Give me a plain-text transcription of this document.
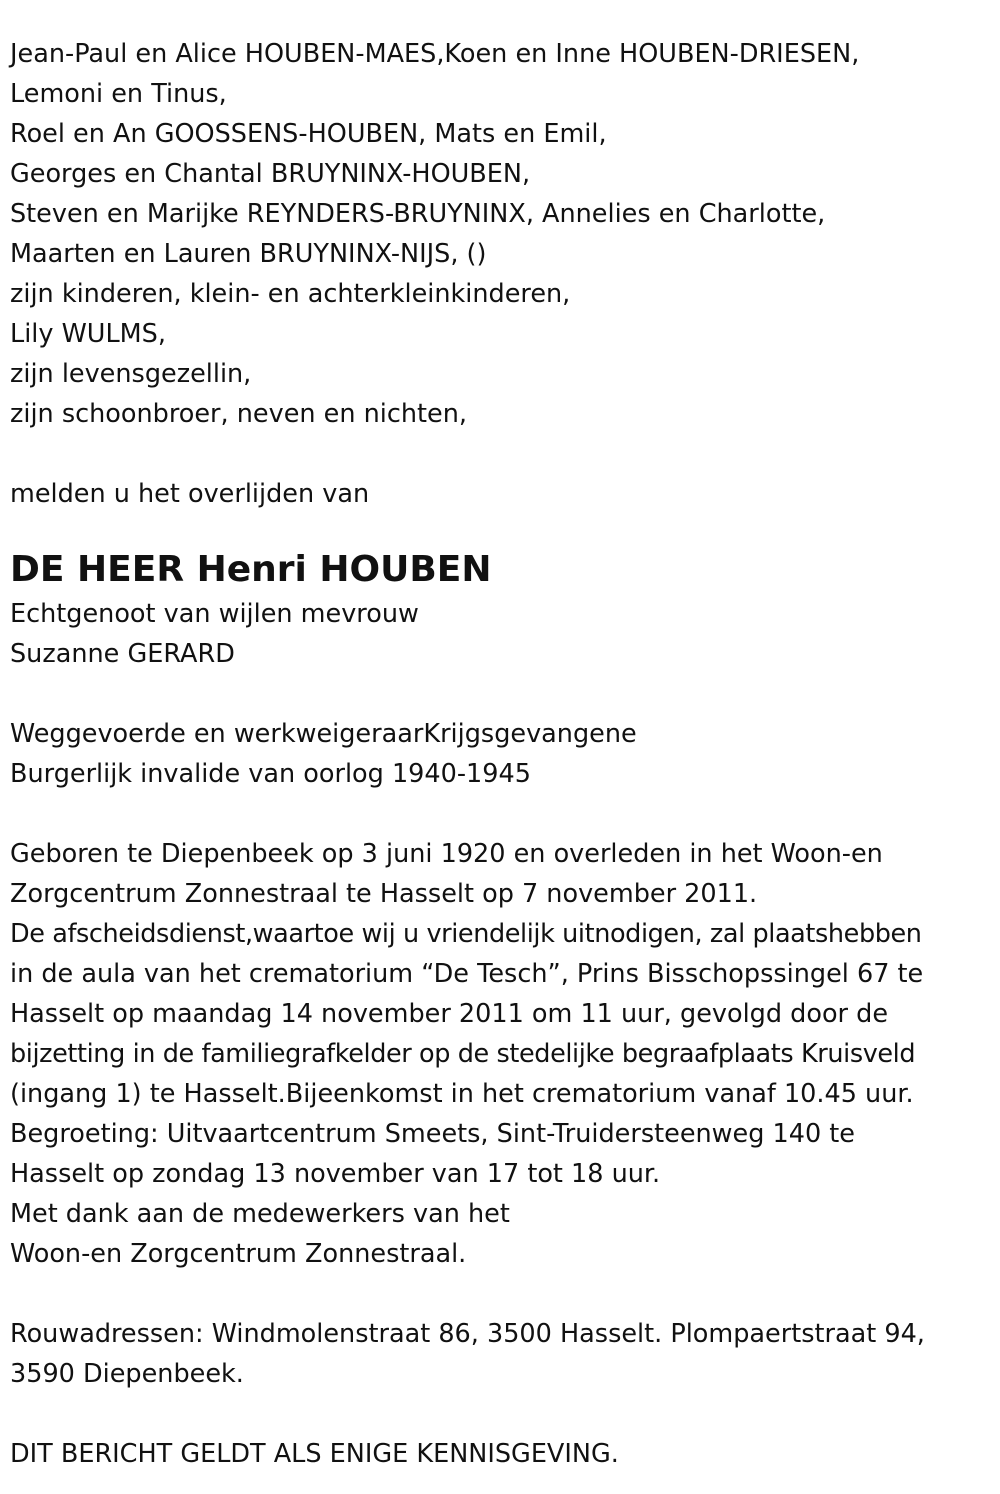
Jean-Paul en Alice HOUBEN-MAES,Koen en Inne HOUBEN-DRIESEN,
Lemoni en Tinus,
Roel en An GOOSSENS-HOUBEN, Mats en Emil,
Georges en Chantal BRUYNINX-HOUBEN,
Steven en Marijke REYNDERS-BRUYNINX, Annelies en Charlotte,
Maarten en Lauren BRUYNINX-NIJS, ()
zijn kinderen, klein- en achterkleinkinderen,
Lily WULMS,
zijn levensgezellin,
zijn schoonbroer, neven en nichten,
melden u het overlijden van
DE HEER Henri HOUBEN
Echtgenoot van wijlen mevrouw
Suzanne GERARD
Weggevoerde en werkweigeraarKrijgsgevangene
Burgerlijk invalide van oorlog 1940-1945
Geboren te Diepenbeek op 3 juni 1920 en overleden in het Woon-en
Zorgcentrum Zonnestraal te Hasselt op 7 november 2011.
De afscheidsdienst,waartoe wij u vriendelijk uitnodigen, zal plaatshebben
in de aula van het crematorium “De Tesch”, Prins Bisschopssingel 67 te
Hasselt op maandag 14 november 2011 om 11 uur, gevolgd door de
bijzetting in de familiegrafkelder op de stedelijke begraafplaats Kruisveld
(ingang 1) te Hasselt.Bijeenkomst in het crematorium vanaf 10.45 uur.
Begroeting: Uitvaartcentrum Smeets, Sint-Truidersteenweg 140 te
Hasselt op zondag 13 november van 17 tot 18 uur.
Met dank aan de medewerkers van het
Woon-en Zorgcentrum Zonnestraal.
Rouwadressen: Windmolenstraat 86, 3500 Hasselt. Plompaertstraat 94,
3590 Diepenbeek.
DIT BERICHT GELDT ALS ENIGE KENNISGEVING.
